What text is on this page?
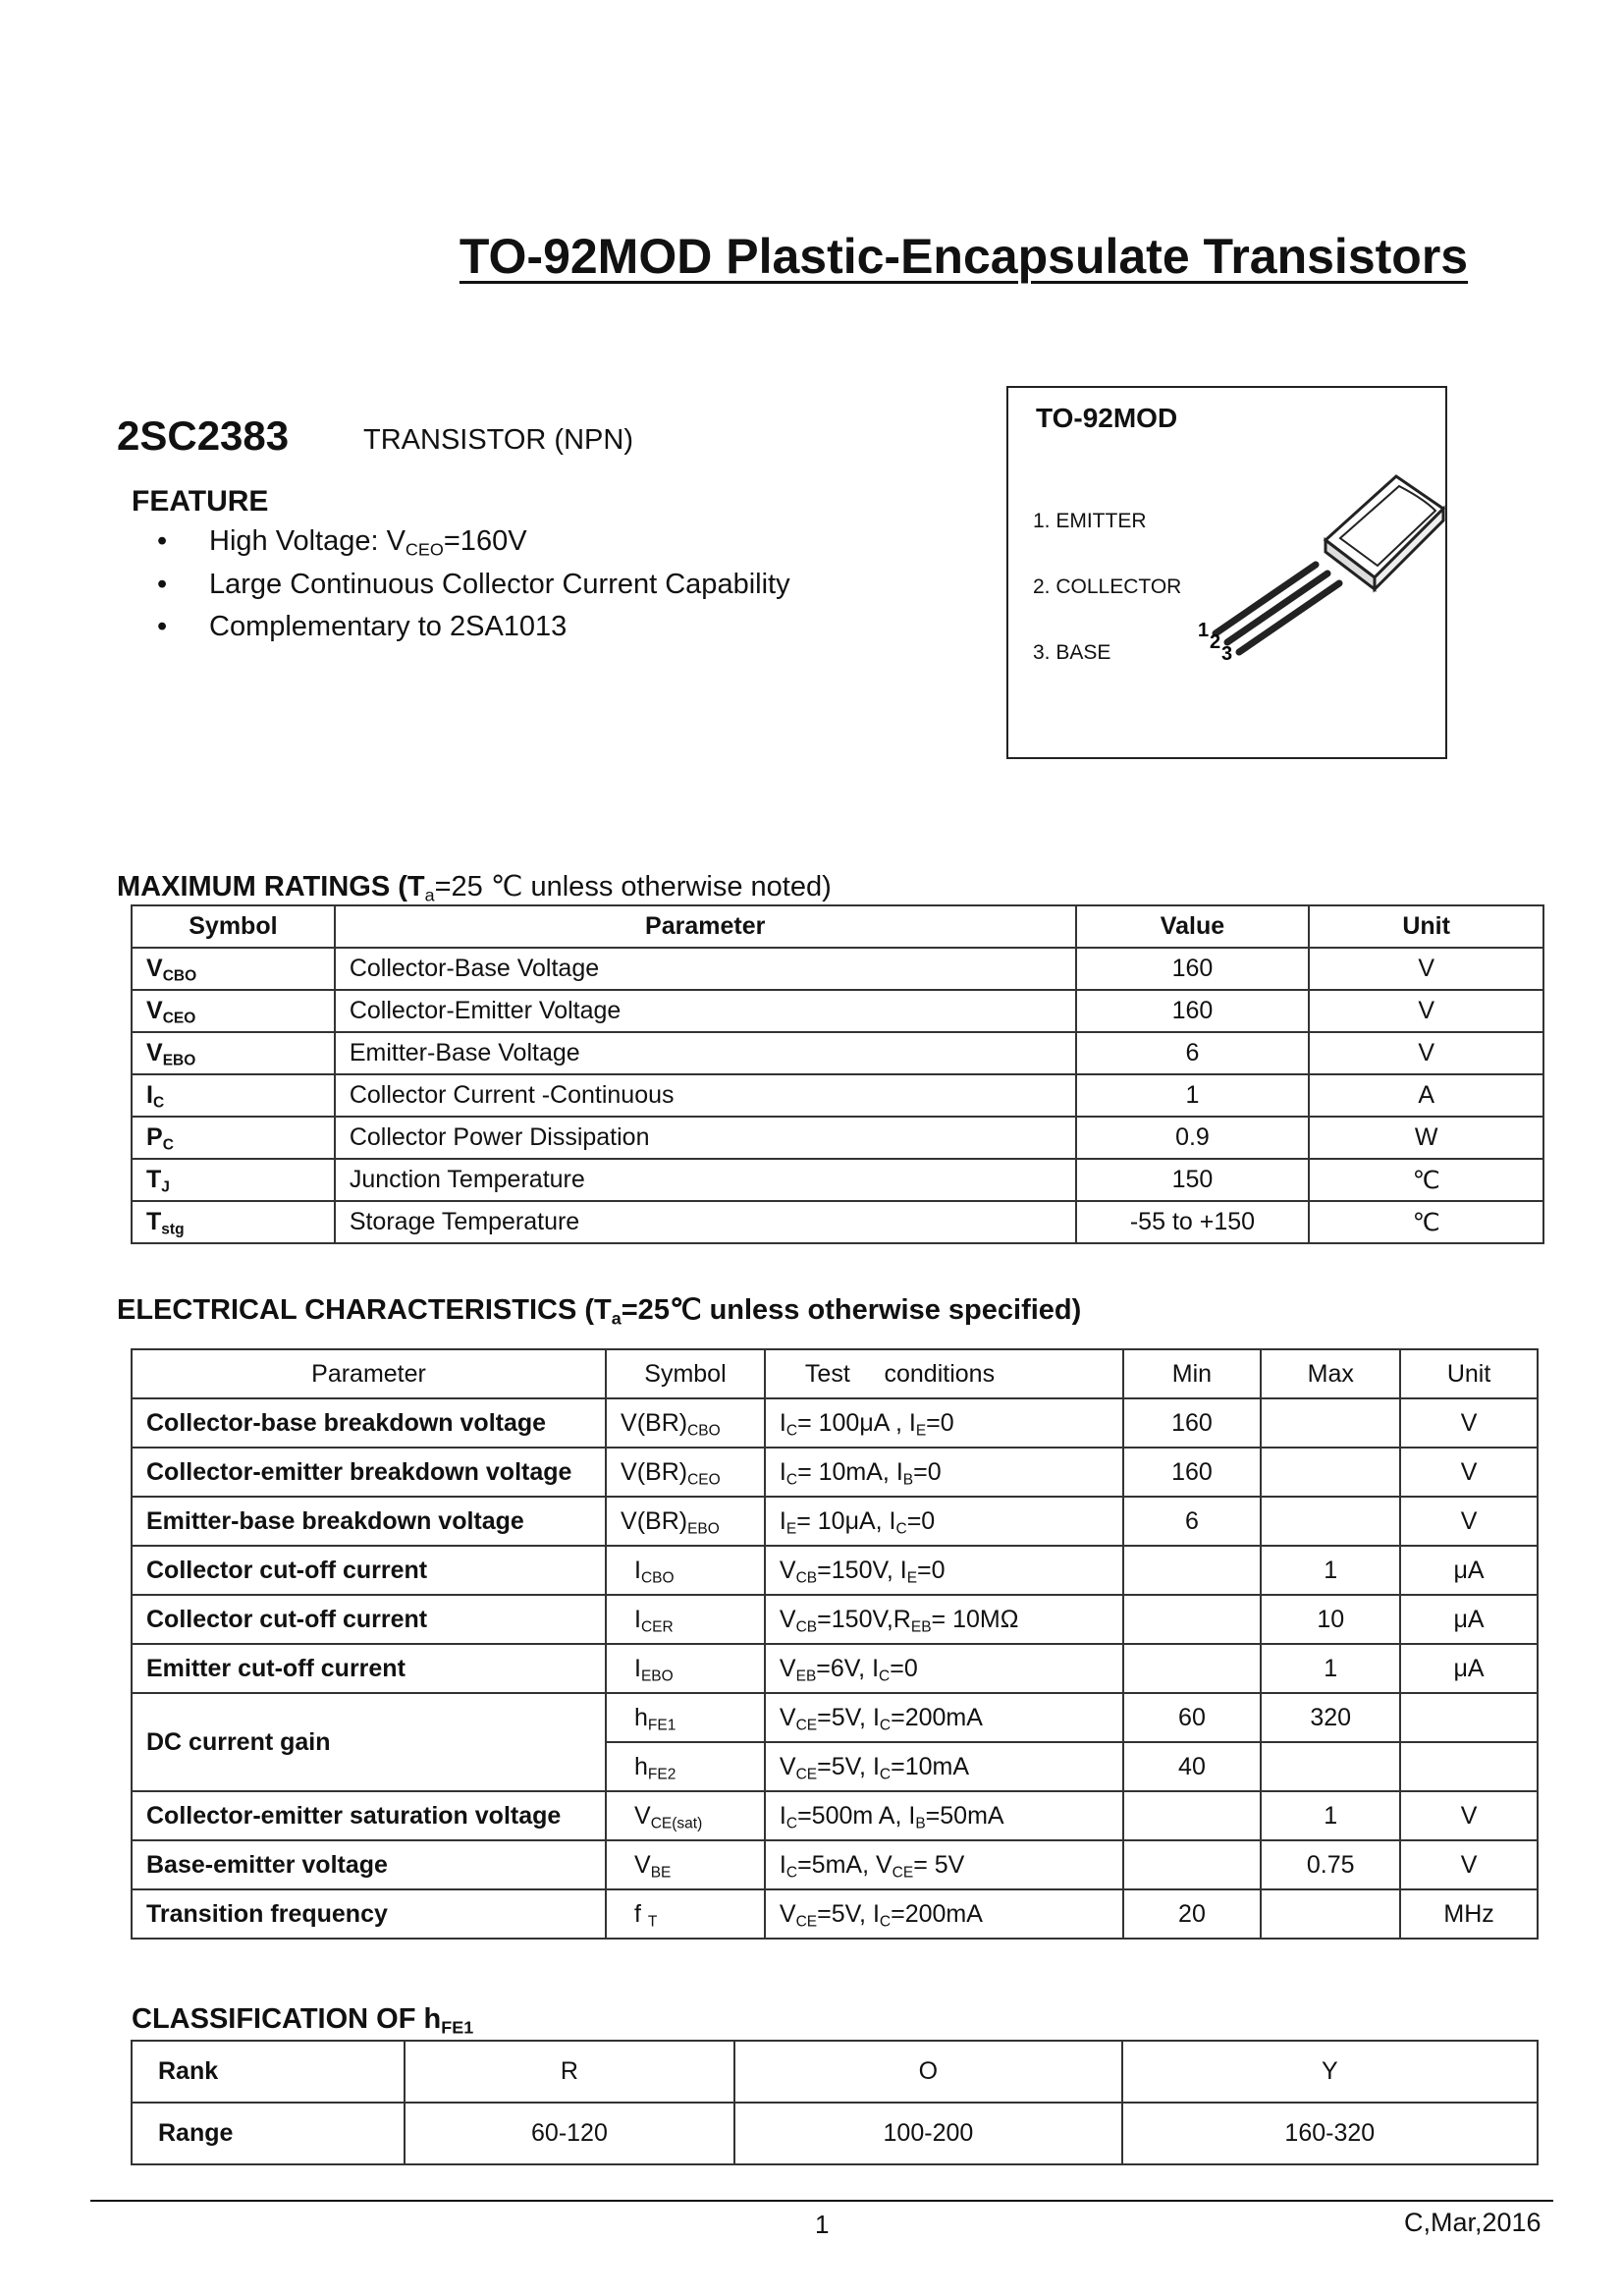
TO-92MOD Plastic-Encapsulate Transistors
2SC2383	TRANSISTOR (NPN)
FEATURE
• High Voltage: $V_{CEO}=160V$
• Large Continuous Collector Current Capability
• Complementary to 2SA1013
TO-92MOD
1. EMITTER
2. COLLECTOR
3. BASE
1
2
3
MAXIMUM RATINGS ($T_a=25$ ℃ unless otherwise noted)
Symbol	Parameter	Value	Unit
$V_{CBO}$	Collector-Base Voltage	160	V
$V_{CEO}$	Collector-Emitter Voltage	160	V
$V_{EBO}$	Emitter-Base Voltage	6	V
$I_C$	Collector Current -Continuous	1	A
$P_C$	Collector Power Dissipation	0.9	W
$T_J$	Junction Temperature	150	℃
$T_{stg}$	Storage Temperature	-55 to +150	℃
ELECTRICAL CHARACTERISTICS ($T_a=25℃$ unless otherwise specified)
Parameter	Symbol	Test     conditions	Min	Max	Unit
Collector-base breakdown voltage	$V(BR)_{CBO}$	$I_C= 100\mu A$ , $I_E=0$	160		V
Collector-emitter breakdown voltage	$V(BR)_{CEO}$	$I_C= 10mA$, $I_B=0$	160		V
Emitter-base breakdown voltage	$V(BR)_{EBO}$	$I_E= 10\mu A$, $I_C=0$	6		V
Collector cut-off current	$I_{CBO}$	$V_{CB}=150V$, $I_E=0$		1	μA
Collector cut-off current	$I_{CER}$	$V_{CB}=150V,R_{EB}= 10M\Omega$		10	μA
Emitter cut-off current	$I_{EBO}$	$V_{EB}=6V$, $I_C=0$		1	μA
DC current gain	$h_{FE1}$	$V_{CE}=5V$, $I_C=200mA$	60	320	
	$h_{FE2}$	$V_{CE}=5V$, $I_C=10mA$	40		
Collector-emitter saturation voltage	$V_{CE(sat)}$	$I_C=500m$ A, $I_B=50mA$		1	V
Base-emitter voltage	$V_{BE}$	$I_C=5mA$, $V_{CE}= 5V$		0.75	V
Transition frequency	f $_T$	$V_{CE}=5V$, $I_C=200mA$	20		MHz
CLASSIFICATION OF $h_{FE1}$
Rank	R	O	Y
Range	60-120	100-200	160-320
1	C,Mar,2016
